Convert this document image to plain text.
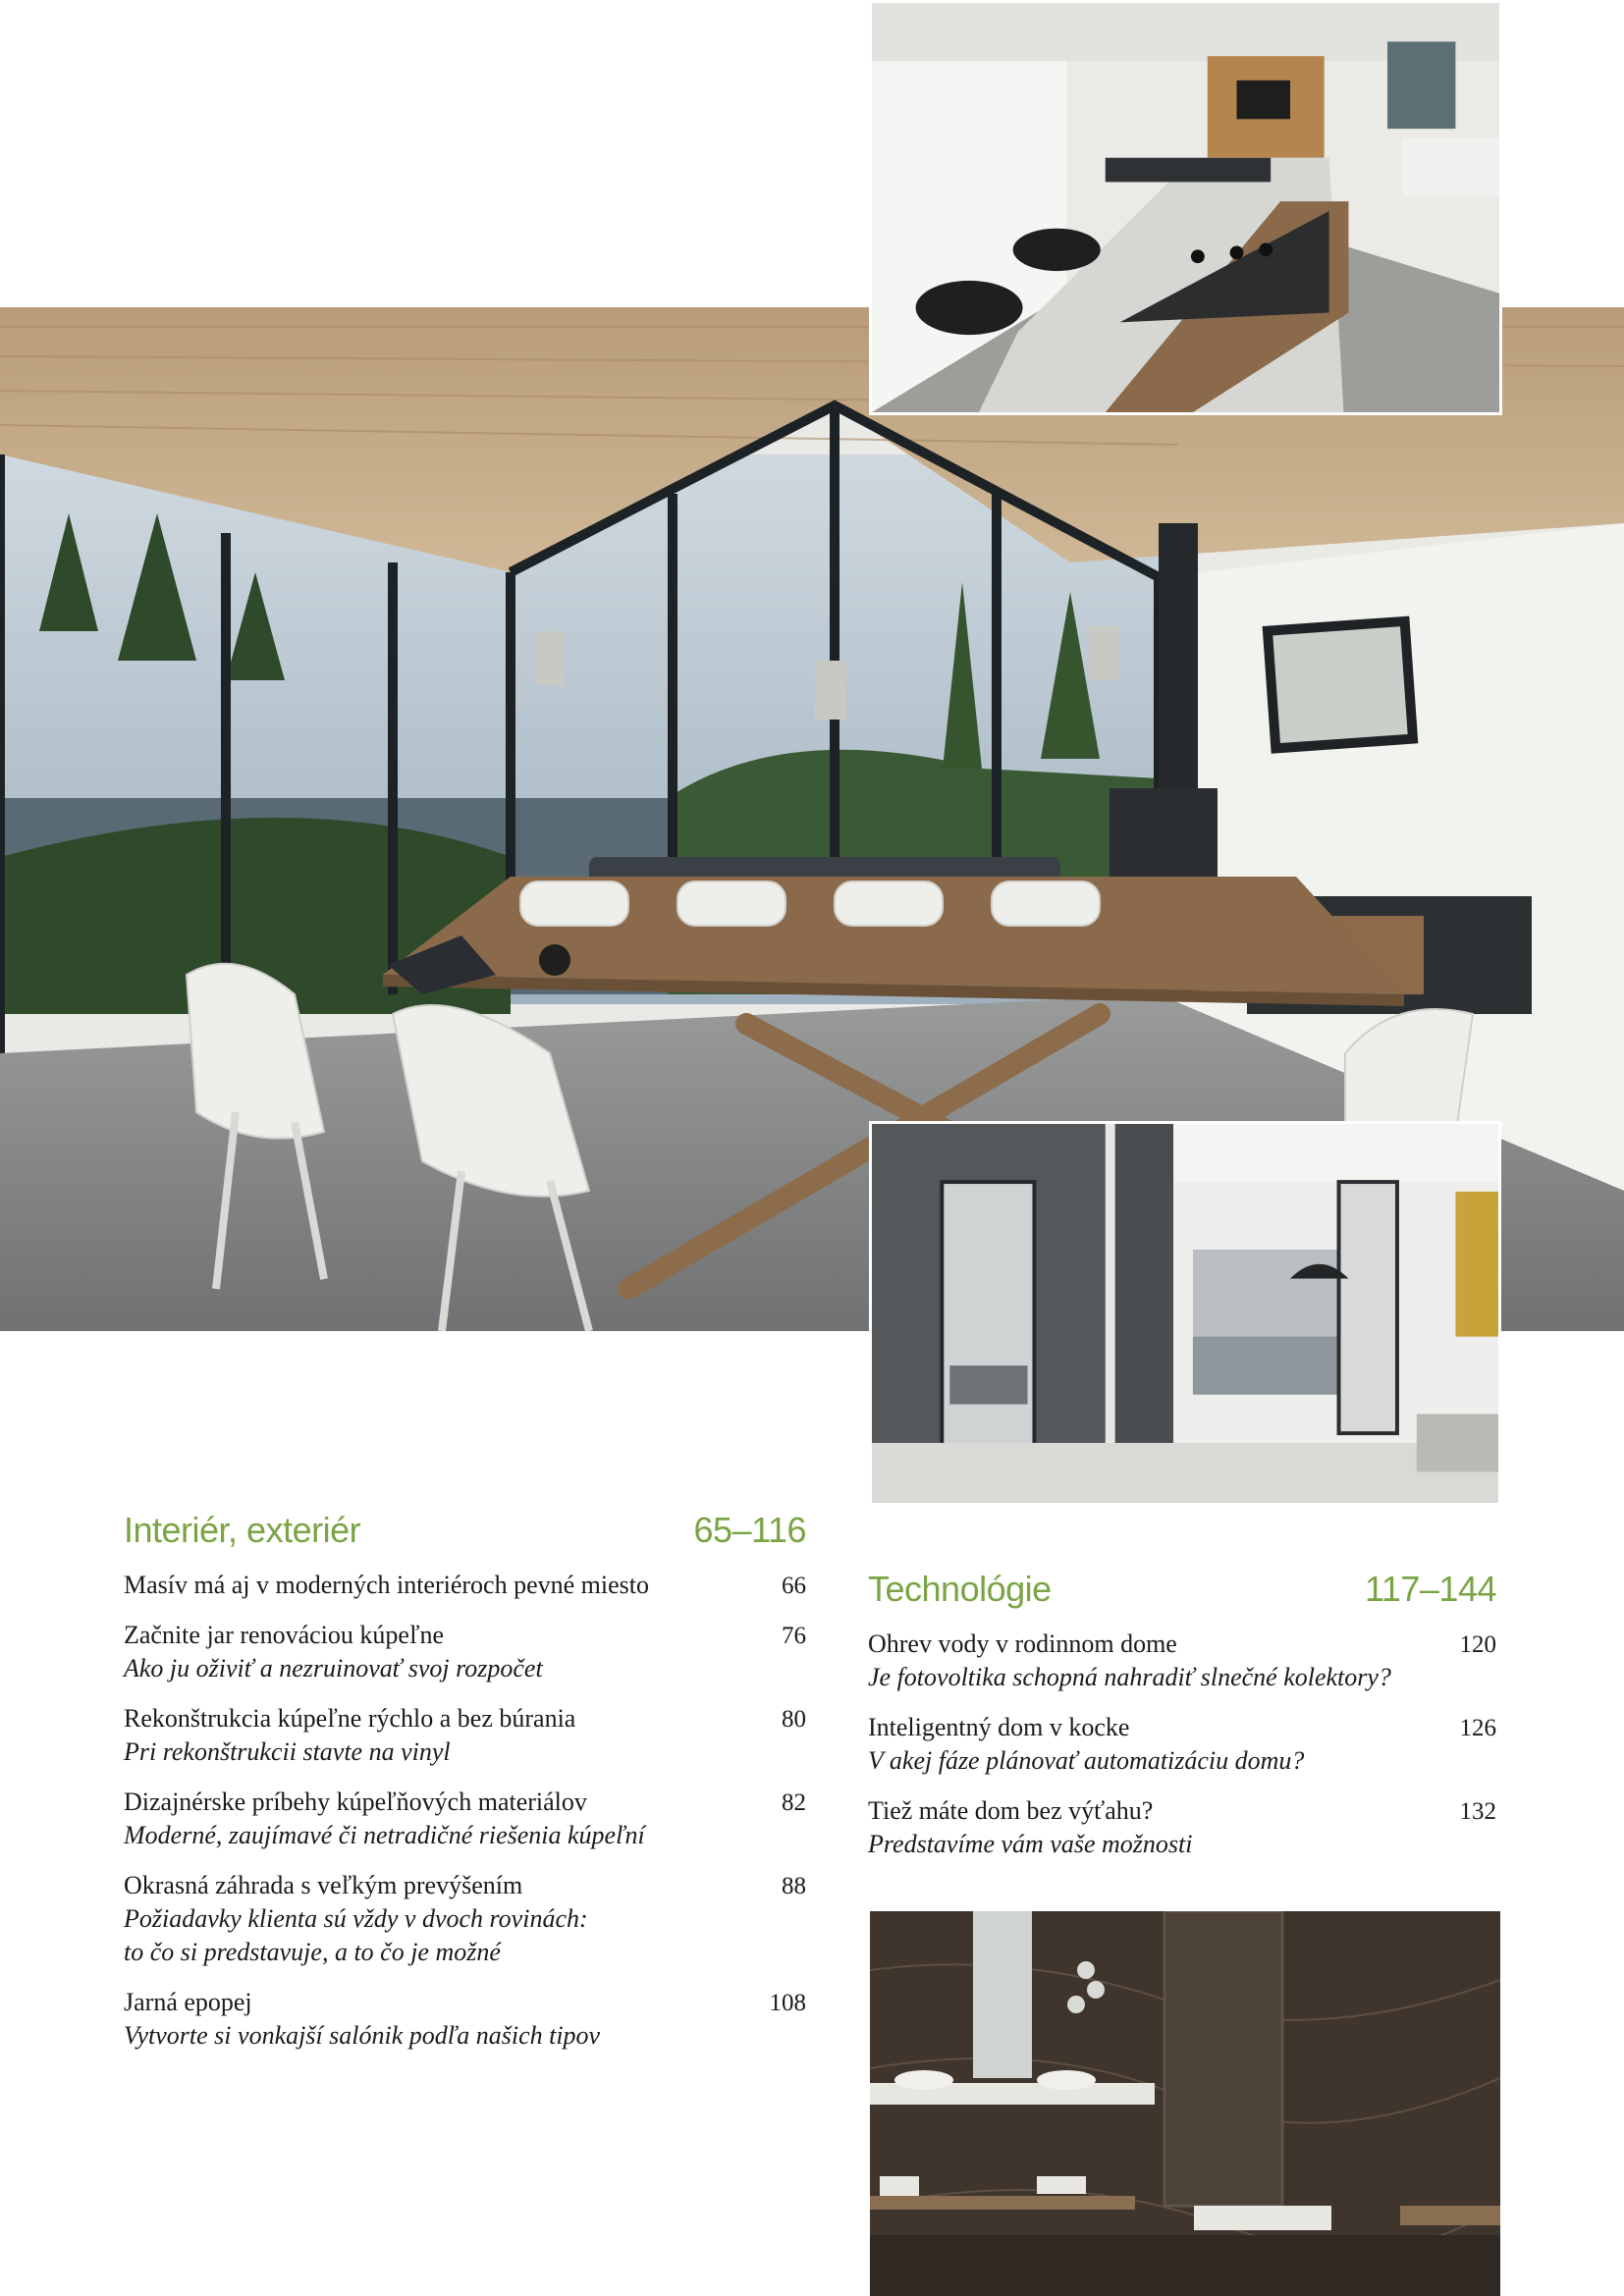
Interiér, exteriér	65–116
Masív má aj v moderných interiéroch pevné miesto	66
Začnite jar renováciou kúpeľne	76
Ako ju oživiť a nezruinovať svoj rozpočet
Rekonštrukcia kúpeľne rýchlo a bez búrania	80
Pri rekonštrukcii stavte na vinyl
Dizajnérske príbehy kúpeľňových materiálov	82
Moderné, zaujímavé či netradičné riešenia kúpeľní
Okrasná záhrada s veľkým prevýšením	88
Požiadavky klienta sú vždy v dvoch rovinách:
to čo si predstavuje, a to čo je možné
Jarná epopej	108
Vytvorte si vonkajší salónik podľa našich tipov
Technológie	117–144
Ohrev vody v rodinnom dome	120
Je fotovoltika schopná nahradiť slnečné kolektory?
Inteligentný dom v kocke	126
V akej fáze plánovať automatizáciu domu?
Tiež máte dom bez výťahu?	132
Predstavíme vám vaše možnosti
